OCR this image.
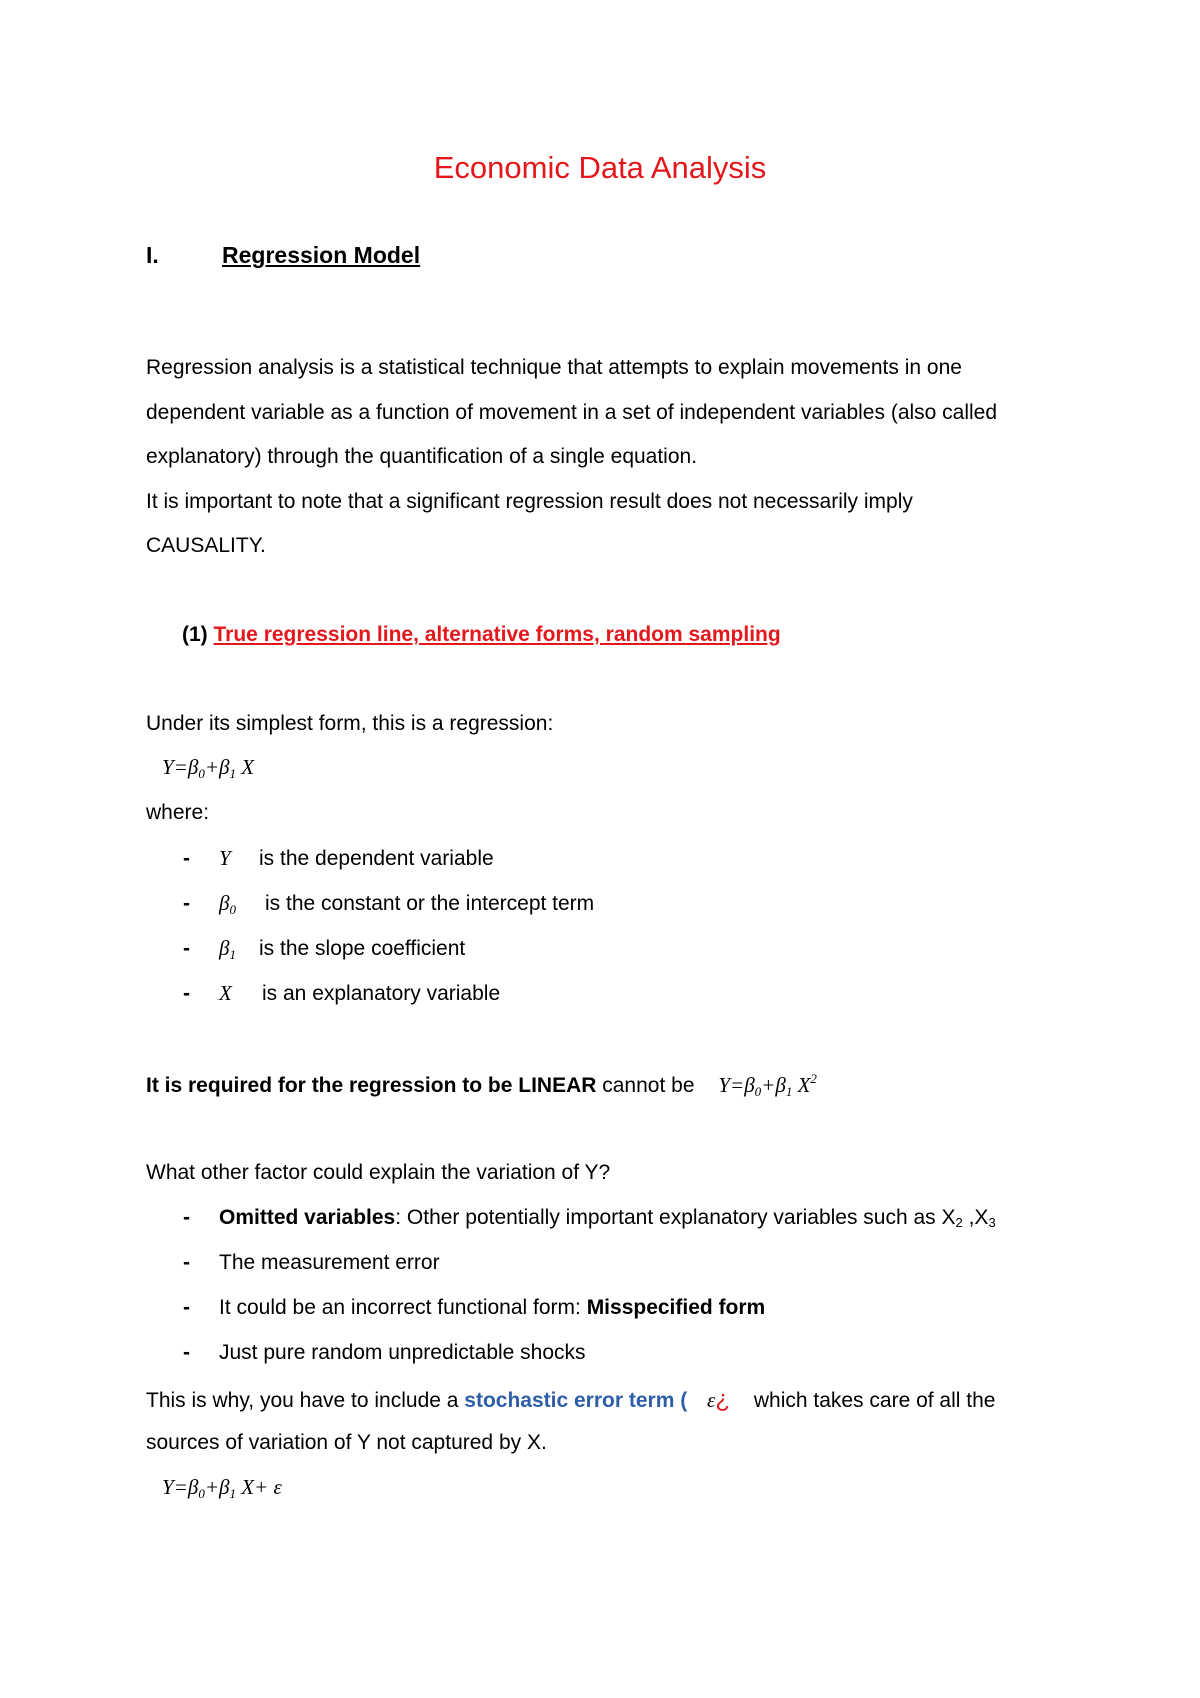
Economic Data Analysis
I.	Regression Model
Regression analysis is a statistical technique that attempts to explain movements in one
dependent variable as a function of movement in a set of independent variables (also called
explanatory) through the quantification of a single equation.
It is important to note that a significant regression result does not necessarily imply
CAUSALITY.
(1) True regression line, alternative forms, random sampling
Under its simplest form, this is a regression:
$Y=\beta_0+\beta_1$ X
where:
- Y is the dependent variable
- $\beta_0$ is the constant or the intercept term
- $\beta_1$ is the slope coefficient
- X is an explanatory variable
It is required for the regression to be LINEAR cannot be $Y=\beta_0+\beta_1$ $X^2$
What other factor could explain the variation of Y?
- Omitted variables: Other potentially important explanatory variables such as X2 ,X3
- The measurement error
- It could be an incorrect functional form: Misspecified form
- Just pure random unpredictable shocks
This is why, you have to include a stochastic error term ( ε¿ which takes care of all the
sources of variation of Y not captured by X.
$Y=\beta_0+\beta_1$ X+ ε
